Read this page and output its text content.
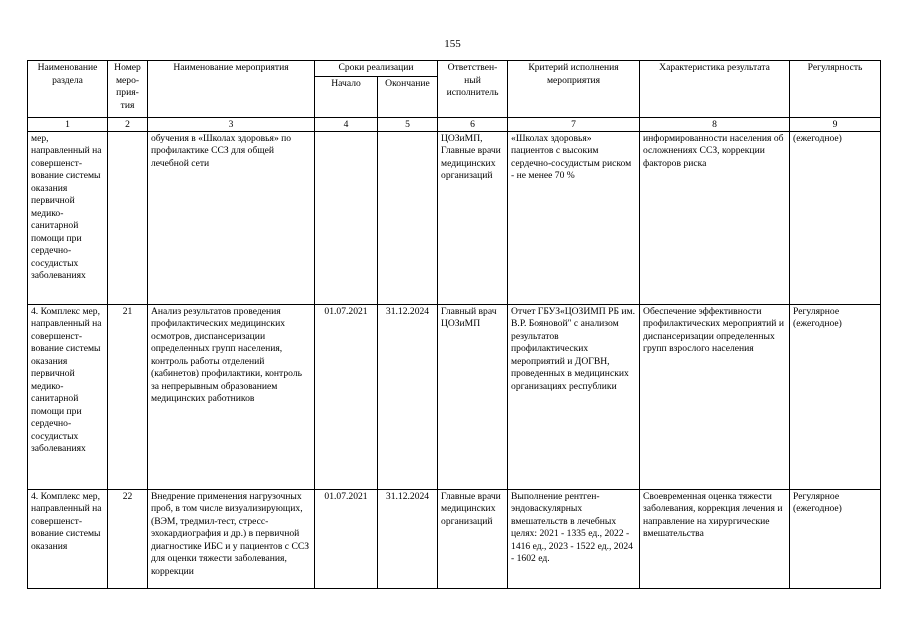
155
Наименование раздела	Номер меро-прия-тия	Наименование мероприятия	Сроки реализации		Ответствен-ный исполнитель	Критерий исполнения мероприятия	Характеристика результата	Регулярность
			Начало	Окончание				
1	2	3	4	5	6	7	8	9
мер, направленный на совершенст-вование системы оказания первичной медико-санитарной помощи при сердечно-сосудистых заболеваниях		обучения в «Школах здоровья» по профилактике ССЗ для общей лечебной сети			ЦОЗиМП, Главные врачи медицинских организаций	«Школах здоровья» пациентов с высоким сердечно-сосудистым риском - не менее 70 %	информированности населения об осложнениях ССЗ, коррекции факторов риска	(ежегодное)
4. Комплекс мер, направленный на совершенст-вование системы оказания первичной медико-санитарной помощи при сердечно-сосудистых заболеваниях	21	Анализ результатов проведения профилактических медицинских осмотров, диспансеризации определенных групп населения, контроль работы отделений (кабинетов) профилактики, контроль за непрерывным образованием медицинских работников	01.07.2021	31.12.2024	Главный врач ЦОЗиМП	Отчет ГБУЗ«ЦОЗИМП РБ им. В.Р. Бояновой" с анализом результатов профилактических мероприятий и ДОГВН, проведенных в медицинских организациях республики	Обеспечение эффективности профилактических мероприятий и диспансеризации определенных групп взрослого населения	Регулярное (ежегодное)

4. Комплекс мер, направленный на совершенст-вование системы оказания	22	Внедрение применения нагрузочных проб, в том числе визуализирующих, (ВЭМ, тредмил-тест, стресс-эхокардиография и др.) в первичной диагностике ИБС и у пациентов с ССЗ для оценки тяжести заболевания, коррекции	01.07.2021	31.12.2024	Главные врачи медицинских организаций	Выполнение рентген-эндоваскулярных вмешательств в лечебных целях: 2021 - 1335 ед., 2022 - 1416 ед., 2023 - 1522 ед., 2024 - 1602 ед.	Своевременная оценка тяжести заболевания, коррекция лечения и направление на хирургические вмешательства	Регулярное (ежегодное)
